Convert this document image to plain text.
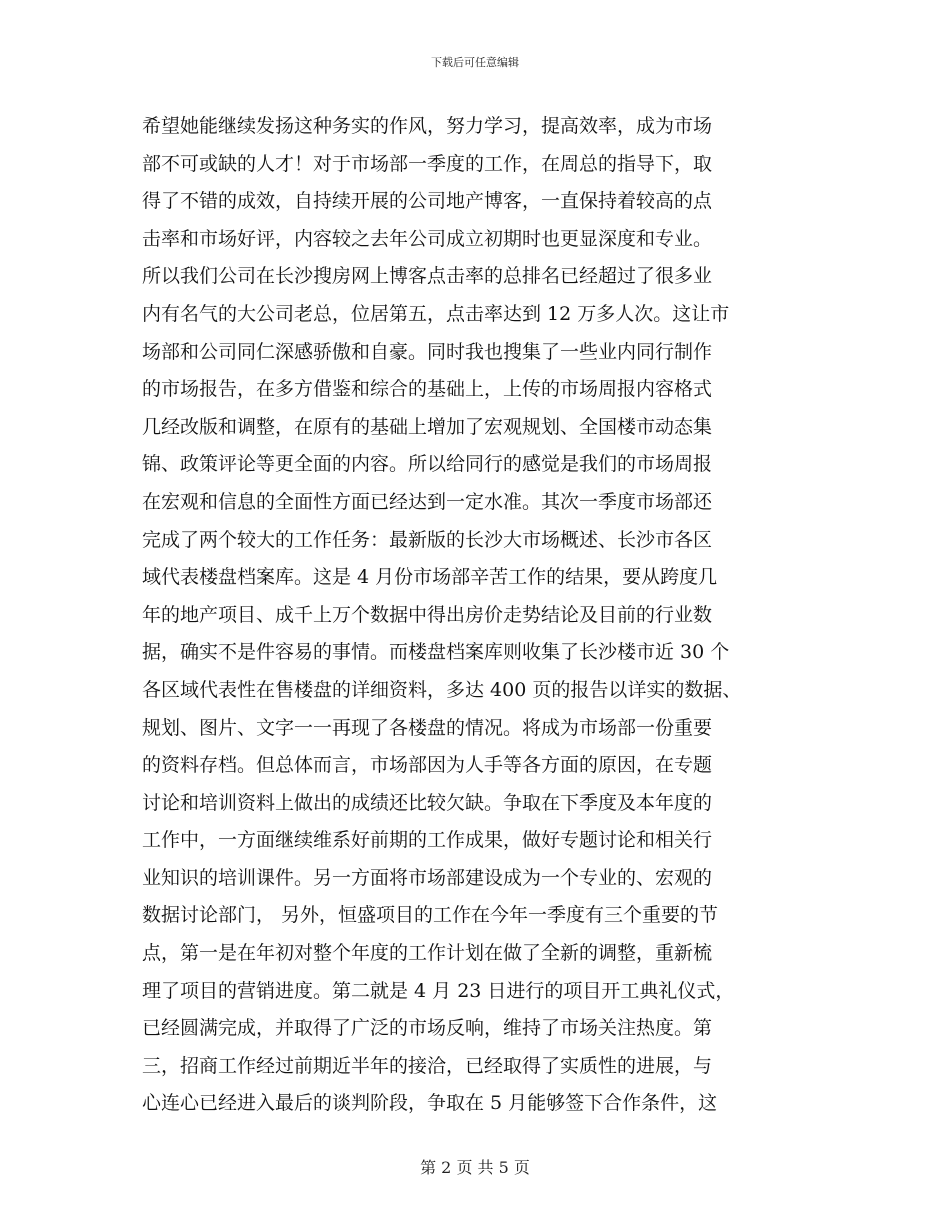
下载后可任意编辑
希望她能继续发扬这种务实的作风，努力学习，提高效率，成为市场
部不可或缺的人才！对于市场部一季度的工作，在周总的指导下，取
得了不错的成效，自持续开展的公司地产博客，一直保持着较高的点
击率和市场好评，内容较之去年公司成立初期时也更显深度和专业。
所以我们公司在长沙搜房网上博客点击率的总排名已经超过了很多业
内有名气的大公司老总，位居第五，点击率达到 12 万多人次。这让市
场部和公司同仁深感骄傲和自豪。同时我也搜集了一些业内同行制作
的市场报告，在多方借鉴和综合的基础上，上传的市场周报内容格式
几经改版和调整，在原有的基础上增加了宏观规划、全国楼市动态集
锦、政策评论等更全面的内容。所以给同行的感觉是我们的市场周报
在宏观和信息的全面性方面已经达到一定水准。其次一季度市场部还
完成了两个较大的工作任务：最新版的长沙大市场概述、长沙市各区
域代表楼盘档案库。这是 4 月份市场部辛苦工作的结果，要从跨度几
年的地产项目、成千上万个数据中得出房价走势结论及目前的行业数
据，确实不是件容易的事情。而楼盘档案库则收集了长沙楼市近 30 个
各区域代表性在售楼盘的详细资料，多达 400 页的报告以详实的数据、
规划、图片、文字一一再现了各楼盘的情况。将成为市场部一份重要
的资料存档。但总体而言，市场部因为人手等各方面的原因，在专题
讨论和培训资料上做出的成绩还比较欠缺。争取在下季度及本年度的
工作中，一方面继续维系好前期的工作成果，做好专题讨论和相关行
业知识的培训课件。另一方面将市场部建设成为一个专业的、宏观的
数据讨论部门， 另外，恒盛项目的工作在今年一季度有三个重要的节
点，第一是在年初对整个年度的工作计划在做了全新的调整，重新梳
理了项目的营销进度。第二就是 4 月 23 日进行的项目开工典礼仪式，
已经圆满完成，并取得了广泛的市场反响，维持了市场关注热度。第
三，招商工作经过前期近半年的接洽，已经取得了实质性的进展，与
心连心已经进入最后的谈判阶段，争取在 5 月能够签下合作条件，这
第 2 页 共 5 页
